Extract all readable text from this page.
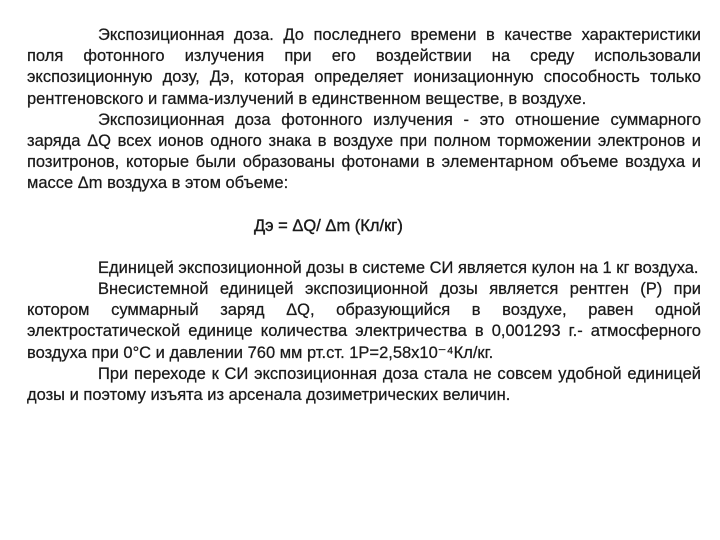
Экспозиционная доза. До последнего времени в качестве характеристики поля фотонного излучения при его воздействии на среду использовали экспозиционную дозу, Дэ, которая определяет ионизационную способность только рентгеновского и гамма-излучений в единственном веществе, в воздухе.

Экспозиционная доза фотонного излучения - это отношение суммарного заряда ΔQ всех ионов одного знака в воздухе при полном торможении электронов и позитронов, которые были образованы фотонами в элементарном объеме воздуха и массе Δm воздуха в этом объеме:

Дэ = ΔQ/ Δm (Кл/кг)

Единицей экспозиционной дозы в системе СИ является кулон на 1 кг воздуха.

Внесистемной единицей экспозиционной дозы является рентген (Р) при котором суммарный заряд ΔQ, образующийся в воздухе, равен одной электростатической единице количества электричества в 0,001293 г.- атмосферного воздуха при 0°С и давлении 760 мм рт.ст. 1Р=2,58х10⁻⁴Кл/кг.

При переходе к СИ экспозиционная доза стала не совсем удобной единицей дозы и поэтому изъята из арсенала дозиметрических величин.
